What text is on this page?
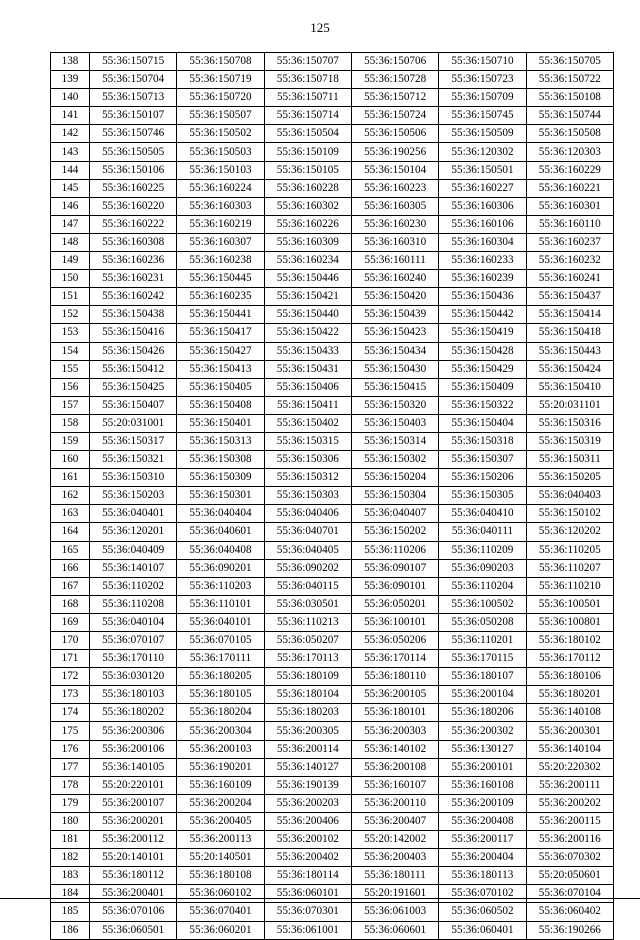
125
138	55:36:150715	55:36:150708	55:36:150707	55:36:150706	55:36:150710	55:36:150705
139	55:36:150704	55:36:150719	55:36:150718	55:36:150728	55:36:150723	55:36:150722
140	55:36:150713	55:36:150720	55:36:150711	55:36:150712	55:36:150709	55:36:150108
141	55:36:150107	55:36:150507	55:36:150714	55:36:150724	55:36:150745	55:36:150744
142	55:36:150746	55:36:150502	55:36:150504	55:36:150506	55:36:150509	55:36:150508
143	55:36:150505	55:36:150503	55:36:150109	55:36:190256	55:36:120302	55:36:120303
144	55:36:150106	55:36:150103	55:36:150105	55:36:150104	55:36:150501	55:36:160229
145	55:36:160225	55:36:160224	55:36:160228	55:36:160223	55:36:160227	55:36:160221
146	55:36:160220	55:36:160303	55:36:160302	55:36:160305	55:36:160306	55:36:160301
147	55:36:160222	55:36:160219	55:36:160226	55:36:160230	55:36:160106	55:36:160110
148	55:36:160308	55:36:160307	55:36:160309	55:36:160310	55:36:160304	55:36:160237
149	55:36:160236	55:36:160238	55:36:160234	55:36:160111	55:36:160233	55:36:160232
150	55:36:160231	55:36:150445	55:36:150446	55:36:160240	55:36:160239	55:36:160241
151	55:36:160242	55:36:160235	55:36:150421	55:36:150420	55:36:150436	55:36:150437
152	55:36:150438	55:36:150441	55:36:150440	55:36:150439	55:36:150442	55:36:150414
153	55:36:150416	55:36:150417	55:36:150422	55:36:150423	55:36:150419	55:36:150418
154	55:36:150426	55:36:150427	55:36:150433	55:36:150434	55:36:150428	55:36:150443
155	55:36:150412	55:36:150413	55:36:150431	55:36:150430	55:36:150429	55:36:150424
156	55:36:150425	55:36:150405	55:36:150406	55:36:150415	55:36:150409	55:36:150410
157	55:36:150407	55:36:150408	55:36:150411	55:36:150320	55:36:150322	55:20:031101
158	55:20:031001	55:36:150401	55:36:150402	55:36:150403	55:36:150404	55:36:150316
159	55:36:150317	55:36:150313	55:36:150315	55:36:150314	55:36:150318	55:36:150319
160	55:36:150321	55:36:150308	55:36:150306	55:36:150302	55:36:150307	55:36:150311
161	55:36:150310	55:36:150309	55:36:150312	55:36:150204	55:36:150206	55:36:150205
162	55:36:150203	55:36:150301	55:36:150303	55:36:150304	55:36:150305	55:36:040403
163	55:36:040401	55:36:040404	55:36:040406	55:36:040407	55:36:040410	55:36:150102
164	55:36:120201	55:36:040601	55:36:040701	55:36:150202	55:36:040111	55:36:120202
165	55:36:040409	55:36:040408	55:36:040405	55:36:110206	55:36:110209	55:36:110205
166	55:36:140107	55:36:090201	55:36:090202	55:36:090107	55:36:090203	55:36:110207
167	55:36:110202	55:36:110203	55:36:040115	55:36:090101	55:36:110204	55:36:110210
168	55:36:110208	55:36:110101	55:36:030501	55:36:050201	55:36:100502	55:36:100501
169	55:36:040104	55:36:040101	55:36:110213	55:36:100101	55:36:050208	55:36:100801
170	55:36:070107	55:36:070105	55:36:050207	55:36:050206	55:36:110201	55:36:180102
171	55:36:170110	55:36:170111	55:36:170113	55:36:170114	55:36:170115	55:36:170112
172	55:36:030120	55:36:180205	55:36:180109	55:36:180110	55:36:180107	55:36:180106
173	55:36:180103	55:36:180105	55:36:180104	55:36:200105	55:36:200104	55:36:180201
174	55:36:180202	55:36:180204	55:36:180203	55:36:180101	55:36:180206	55:36:140108
175	55:36:200306	55:36:200304	55:36:200305	55:36:200303	55:36:200302	55:36:200301
176	55:36:200106	55:36:200103	55:36:200114	55:36:140102	55:36:130127	55:36:140104
177	55:36:140105	55:36:190201	55:36:140127	55:36:200108	55:36:200101	55:20:220302
178	55:20:220101	55:36:160109	55:36:190139	55:36:160107	55:36:160108	55:36:200111
179	55:36:200107	55:36:200204	55:36:200203	55:36:200110	55:36:200109	55:36:200202
180	55:36:200201	55:36:200405	55:36:200406	55:36:200407	55:36:200408	55:36:200115
181	55:36:200112	55:36:200113	55:36:200102	55:20:142002	55:36:200117	55:36:200116
182	55:20:140101	55:20:140501	55:36:200402	55:36:200403	55:36:200404	55:36:070302
183	55:36:180112	55:36:180108	55:36:180114	55:36:180111	55:36:180113	55:20:050601
184	55:36:200401	55:36:060102	55:36:060101	55:20:191601	55:36:070102	55:36:070104
185	55:36:070106	55:36:070401	55:36:070301	55:36:061003	55:36:060502	55:36:060402
186	55:36:060501	55:36:060201	55:36:061001	55:36:060601	55:36:060401	55:36:190266
